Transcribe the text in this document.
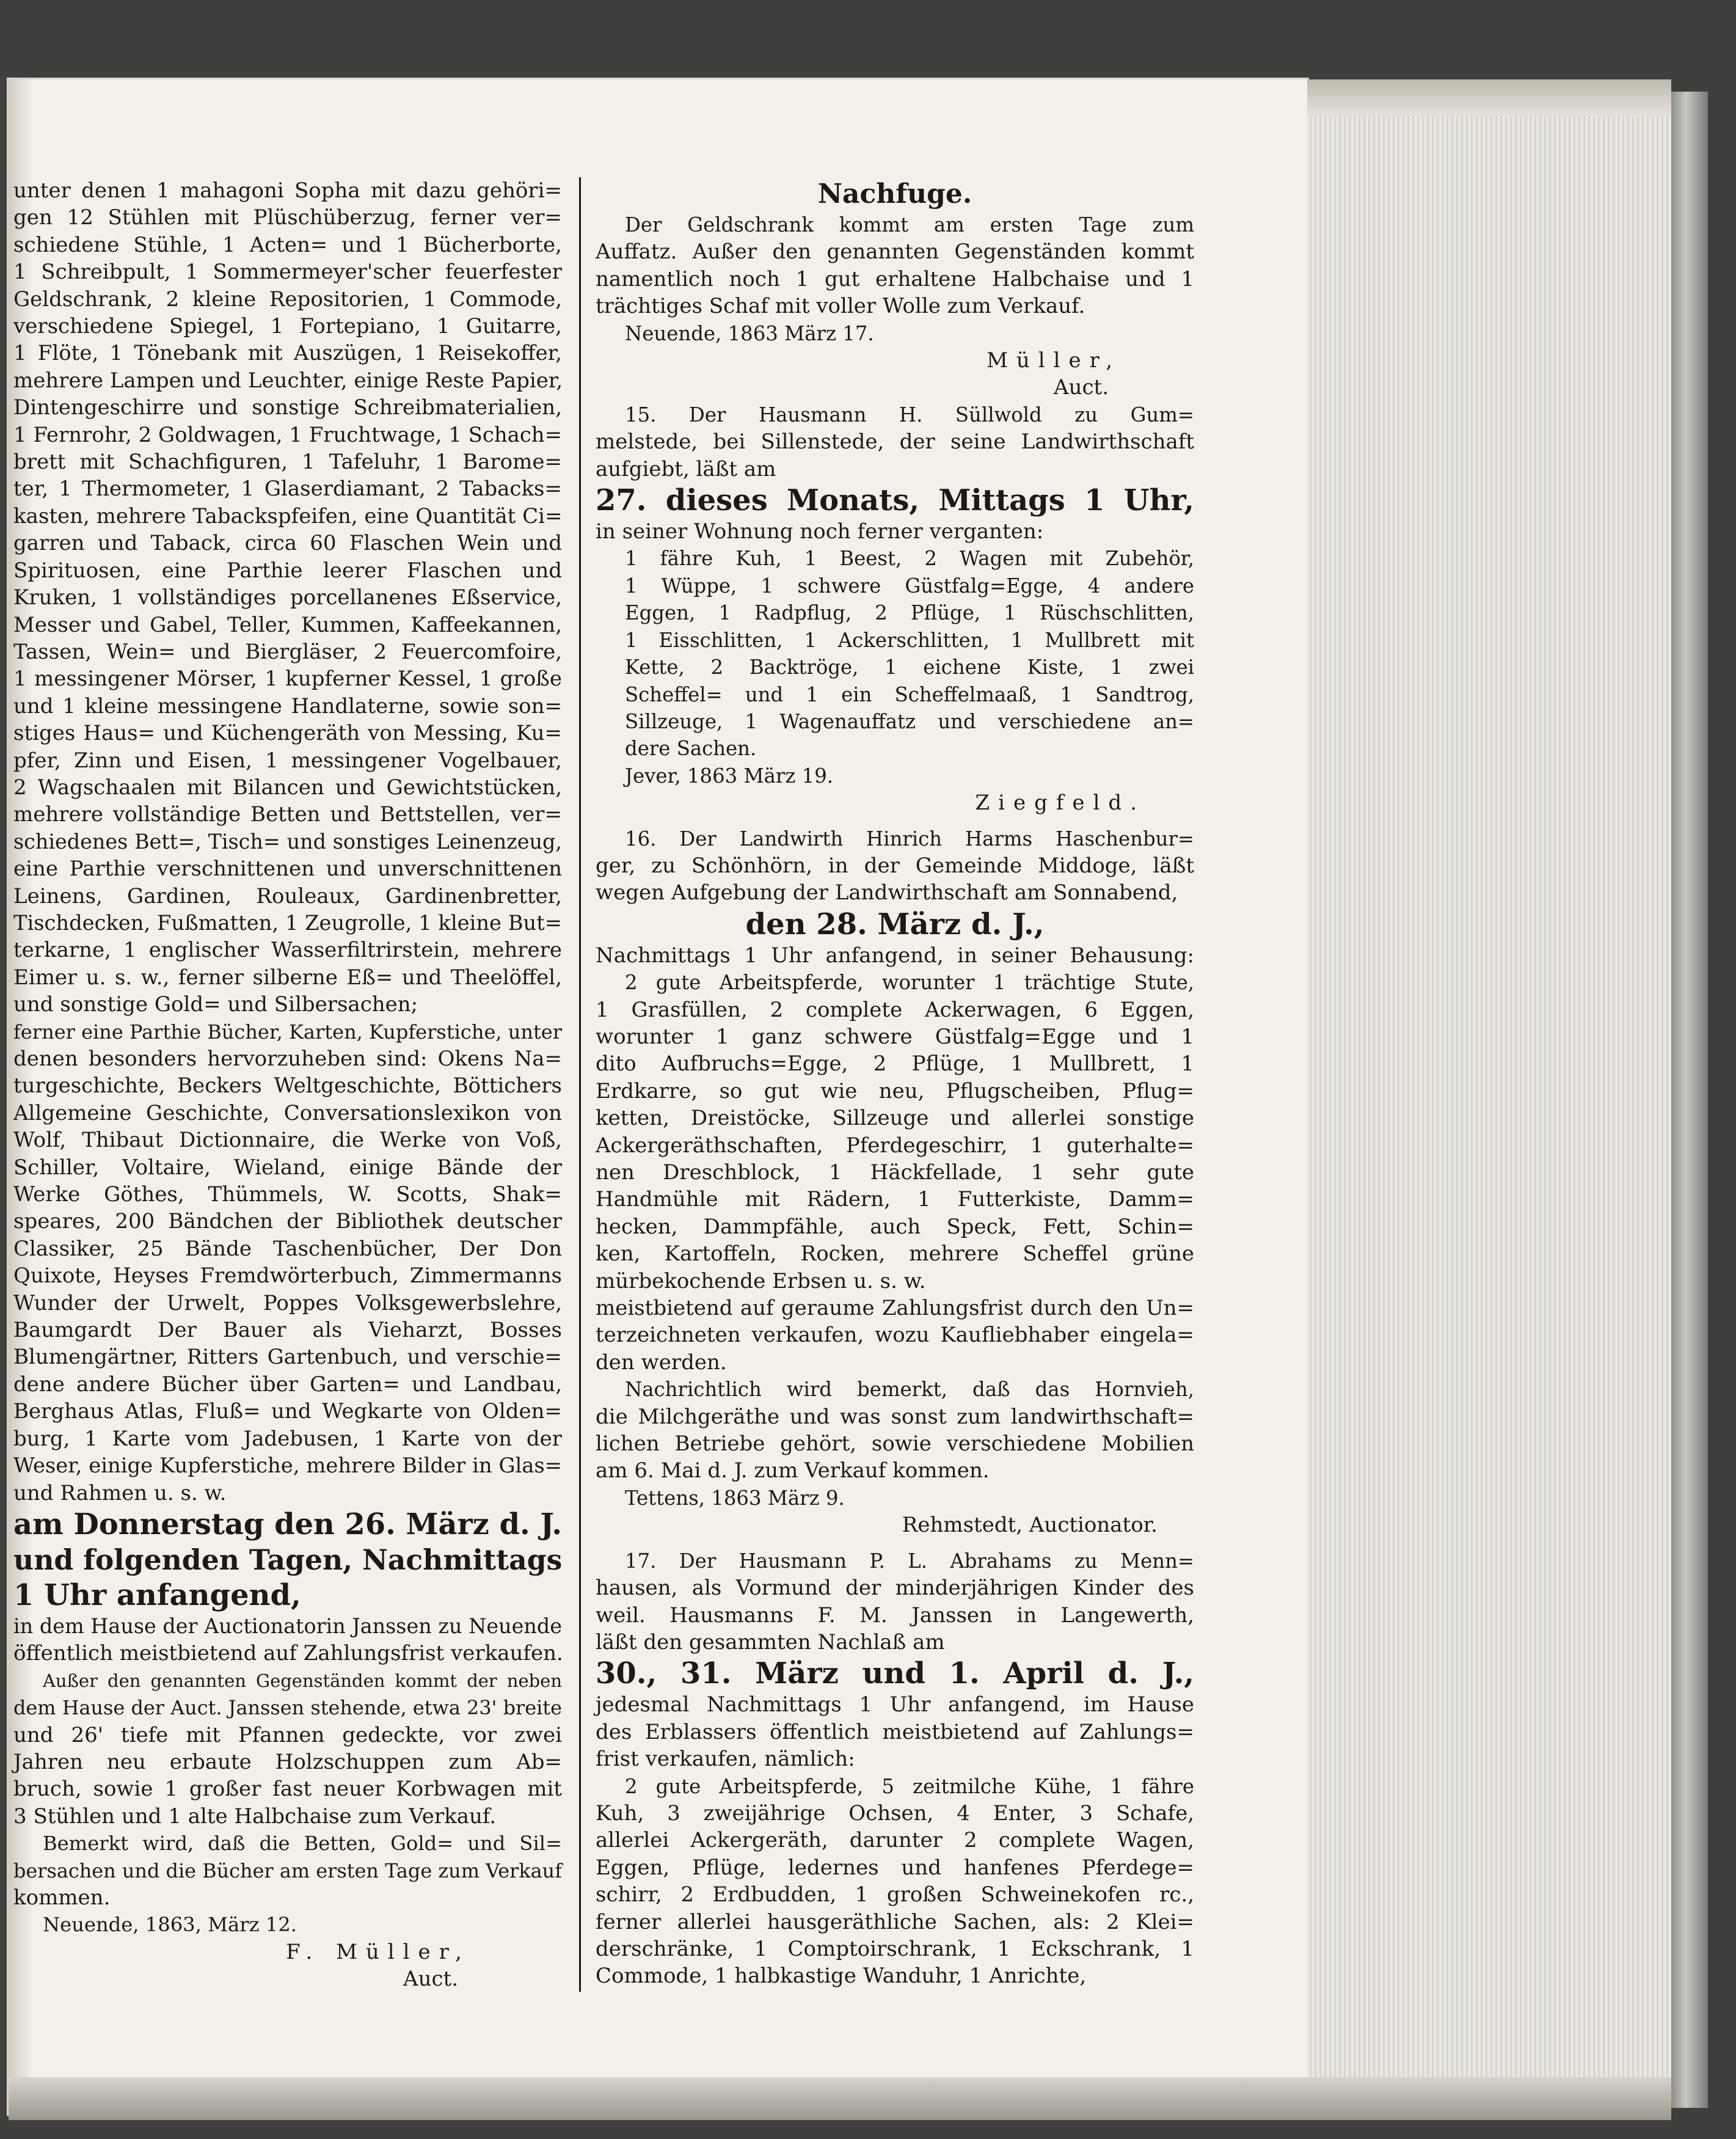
unter denen 1 mahagoni Sopha mit dazu gehöri=
gen 12 Stühlen mit Plüschüberzug, ferner ver=
schiedene Stühle, 1 Acten= und 1 Bücherborte,
1 Schreibpult, 1 Sommermeyer'scher feuerfester
Geldschrank, 2 kleine Repositorien, 1 Commode,
verschiedene Spiegel, 1 Fortepiano, 1 Guitarre,
1 Flöte, 1 Tönebank mit Auszügen, 1 Reisekoffer,
mehrere Lampen und Leuchter, einige Reste Papier,
Dintengeschirre und sonstige Schreibmaterialien,
1 Fernrohr, 2 Goldwagen, 1 Fruchtwage, 1 Schach=
brett mit Schachfiguren, 1 Tafeluhr, 1 Barome=
ter, 1 Thermometer, 1 Glaserdiamant, 2 Tabacks=
kasten, mehrere Tabackspfeifen, eine Quantität Ci=
garren und Taback, circa 60 Flaschen Wein und
Spirituosen, eine Parthie leerer Flaschen und
Kruken, 1 vollständiges porcellanenes Eßservice,
Messer und Gabel, Teller, Kummen, Kaffeekannen,
Tassen, Wein= und Biergläser, 2 Feuercomfoire,
1 messingener Mörser, 1 kupferner Kessel, 1 große
und 1 kleine messingene Handlaterne, sowie son=
stiges Haus= und Küchengeräth von Messing, Ku=
pfer, Zinn und Eisen, 1 messingener Vogelbauer,
2 Wagschaalen mit Bilancen und Gewichtstücken,
mehrere vollständige Betten und Bettstellen, ver=
schiedenes Bett=, Tisch= und sonstiges Leinenzeug,
eine Parthie verschnittenen und unverschnittenen
Leinens, Gardinen, Rouleaux, Gardinenbretter,
Tischdecken, Fußmatten, 1 Zeugrolle, 1 kleine But=
terkarne, 1 englischer Wasserfiltrirstein, mehrere
Eimer u. s. w., ferner silberne Eß= und Theelöffel,
und sonstige Gold= und Silbersachen;
ferner eine Parthie Bücher, Karten, Kupferstiche, unter
denen besonders hervorzuheben sind: Okens Na=
turgeschichte, Beckers Weltgeschichte, Böttichers
Allgemeine Geschichte, Conversationslexikon von
Wolf, Thibaut Dictionnaire, die Werke von Voß,
Schiller, Voltaire, Wieland, einige Bände der
Werke Göthes, Thümmels, W. Scotts, Shak=
speares, 200 Bändchen der Bibliothek deutscher
Classiker, 25 Bände Taschenbücher, Der Don
Quixote, Heyses Fremdwörterbuch, Zimmermanns
Wunder der Urwelt, Poppes Volksgewerbslehre,
Baumgardt Der Bauer als Vieharzt, Bosses
Blumengärtner, Ritters Gartenbuch, und verschie=
dene andere Bücher über Garten= und Landbau,
Berghaus Atlas, Fluß= und Wegkarte von Olden=
burg, 1 Karte vom Jadebusen, 1 Karte von der
Weser, einige Kupferstiche, mehrere Bilder in Glas=
und Rahmen u. s. w.
am Donnerstag den 26. März d. J.
und folgenden Tagen, Nachmittags
1 Uhr anfangend,
in dem Hause der Auctionatorin Janssen zu Neuende
öffentlich meistbietend auf Zahlungsfrist verkaufen.
Außer den genannten Gegenständen kommt der neben
dem Hause der Auct. Janssen stehende, etwa 23' breite
und 26' tiefe mit Pfannen gedeckte, vor zwei
Jahren neu erbaute Holzschuppen zum Ab=
bruch, sowie 1 großer fast neuer Korbwagen mit
3 Stühlen und 1 alte Halbchaise zum Verkauf.
Bemerkt wird, daß die Betten, Gold= und Sil=
bersachen und die Bücher am ersten Tage zum Verkauf
kommen.
Neuende, 1863, März 12.
F. Müller,
Auct.
Nachfuge.
Der Geldschrank kommt am ersten Tage zum
Auffatz. Außer den genannten Gegenständen kommt
namentlich noch 1 gut erhaltene Halbchaise und 1
trächtiges Schaf mit voller Wolle zum Verkauf.
Neuende, 1863 März 17.
Müller,
Auct.
15. Der Hausmann H. Süllwold zu Gum=
melstede, bei Sillenstede, der seine Landwirthschaft
aufgiebt, läßt am
27. dieses Monats, Mittags 1 Uhr,
in seiner Wohnung noch ferner verganten:
1 fähre Kuh, 1 Beest, 2 Wagen mit Zubehör,
1 Wüppe, 1 schwere Güstfalg=Egge, 4 andere
Eggen, 1 Radpflug, 2 Pflüge, 1 Rüschschlitten,
1 Eisschlitten, 1 Ackerschlitten, 1 Mullbrett mit
Kette, 2 Backtröge, 1 eichene Kiste, 1 zwei
Scheffel= und 1 ein Scheffelmaaß, 1 Sandtrog,
Sillzeuge, 1 Wagenauffatz und verschiedene an=
dere Sachen.
Jever, 1863 März 19.
Ziegfeld.
16. Der Landwirth Hinrich Harms Haschenbur=
ger, zu Schönhörn, in der Gemeinde Middoge, läßt
wegen Aufgebung der Landwirthschaft am Sonnabend,
den 28. März d. J.,
Nachmittags 1 Uhr anfangend, in seiner Behausung:
2 gute Arbeitspferde, worunter 1 trächtige Stute,
1 Grasfüllen, 2 complete Ackerwagen, 6 Eggen,
worunter 1 ganz schwere Güstfalg=Egge und 1
dito Aufbruchs=Egge, 2 Pflüge, 1 Mullbrett, 1
Erdkarre, so gut wie neu, Pflugscheiben, Pflug=
ketten, Dreistöcke, Sillzeuge und allerlei sonstige
Ackergeräthschaften, Pferdegeschirr, 1 guterhalte=
nen Dreschblock, 1 Häckfellade, 1 sehr gute
Handmühle mit Rädern, 1 Futterkiste, Damm=
hecken, Dammpfähle, auch Speck, Fett, Schin=
ken, Kartoffeln, Rocken, mehrere Scheffel grüne
mürbekochende Erbsen u. s. w.
meistbietend auf geraume Zahlungsfrist durch den Un=
terzeichneten verkaufen, wozu Kaufliebhaber eingela=
den werden.
Nachrichtlich wird bemerkt, daß das Hornvieh,
die Milchgeräthe und was sonst zum landwirthschaft=
lichen Betriebe gehört, sowie verschiedene Mobilien
am 6. Mai d. J. zum Verkauf kommen.
Tettens, 1863 März 9.
Rehmstedt, Auctionator.
17. Der Hausmann P. L. Abrahams zu Menn=
hausen, als Vormund der minderjährigen Kinder des
weil. Hausmanns F. M. Janssen in Langewerth,
läßt den gesammten Nachlaß am
30., 31. März und 1. April d. J.,
jedesmal Nachmittags 1 Uhr anfangend, im Hause
des Erblassers öffentlich meistbietend auf Zahlungs=
frist verkaufen, nämlich:
2 gute Arbeitspferde, 5 zeitmilche Kühe, 1 fähre
Kuh, 3 zweijährige Ochsen, 4 Enter, 3 Schafe,
allerlei Ackergeräth, darunter 2 complete Wagen,
Eggen, Pflüge, ledernes und hanfenes Pferdege=
schirr, 2 Erdbudden, 1 großen Schweinekofen rc.,
ferner allerlei hausgeräthliche Sachen, als: 2 Klei=
derschränke, 1 Comptoirschrank, 1 Eckschrank, 1
Commode, 1 halbkastige Wanduhr, 1 Anrichte,
